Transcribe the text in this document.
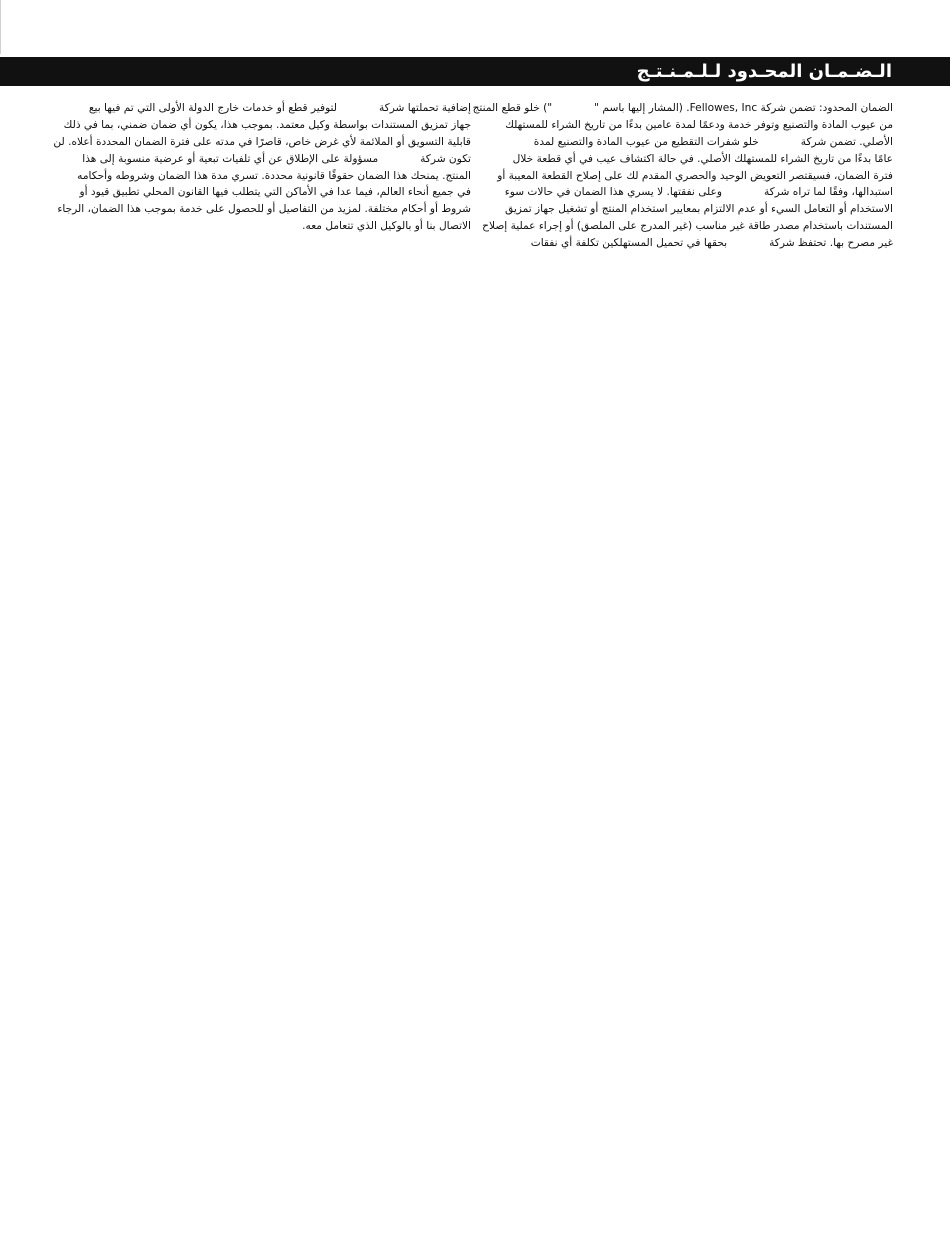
الـضـمـان المحـدود لـلـمـنـتـج
الضمان المحدود: تضمن شركة Fellowes, Inc. (المشار إليها باسم "") خلو قطع المنتج
من عيوب المادة والتصنيع وتوفر خدمة ودعمًا لمدة عامين بدءًا من تاريخ الشراء للمستهلك
الأصلي. تضمن شركةخلو شفرات التقطيع من عيوب المادة والتصنيع لمدة
عامًا بدءًا من تاريخ الشراء للمستهلك الأصلي. في حالة اكتشاف عيب في أي قطعة خلال
فترة الضمان، فسيقتصر التعويض الوحيد والحصري المقدم لك على إصلاح القطعة المعيبة أو
استبدالها، وفقًا لما تراه شركةوعلى نفقتها. لا يسري هذا الضمان في حالات سوء
الاستخدام أو التعامل السيء أو عدم الالتزام بمعايير استخدام المنتج أو تشغيل جهاز تمزيق
المستندات باستخدام مصدر طاقة غير مناسب (غير المدرج على الملصق) أو إجراء عملية إصلاح
غير مصرح بها. تحتفظ شركةبحقها في تحميل المستهلكين تكلفة أي نفقات
إضافية تحملتها شركةلتوفير قطع أو خدمات خارج الدولة الأولى التي تم فيها بيع
جهاز تمزيق المستندات بواسطة وكيل معتمد. بموجب هذا، يكون أي ضمان ضمني، بما في ذلك
قابلية التسويق أو الملائمة لأي غرض خاص، قاصرًا في مدته على فترة الضمان المحددة أعلاه. لن
تكون شركةمسؤولة على الإطلاق عن أي تلفيات تبعية أو عرضية منسوبة إلى هذا
المنتج. يمنحك هذا الضمان حقوقًا قانونية محددة. تسري مدة هذا الضمان وشروطه وأحكامه
في جميع أنحاء العالم، فيما عدا في الأماكن التي يتطلب فيها القانون المحلي تطبيق قيود أو
شروط أو أحكام مختلفة. لمزيد من التفاصيل أو للحصول على خدمة بموجب هذا الضمان، الرجاء
الاتصال بنا أو بالوكيل الذي تتعامل معه.
